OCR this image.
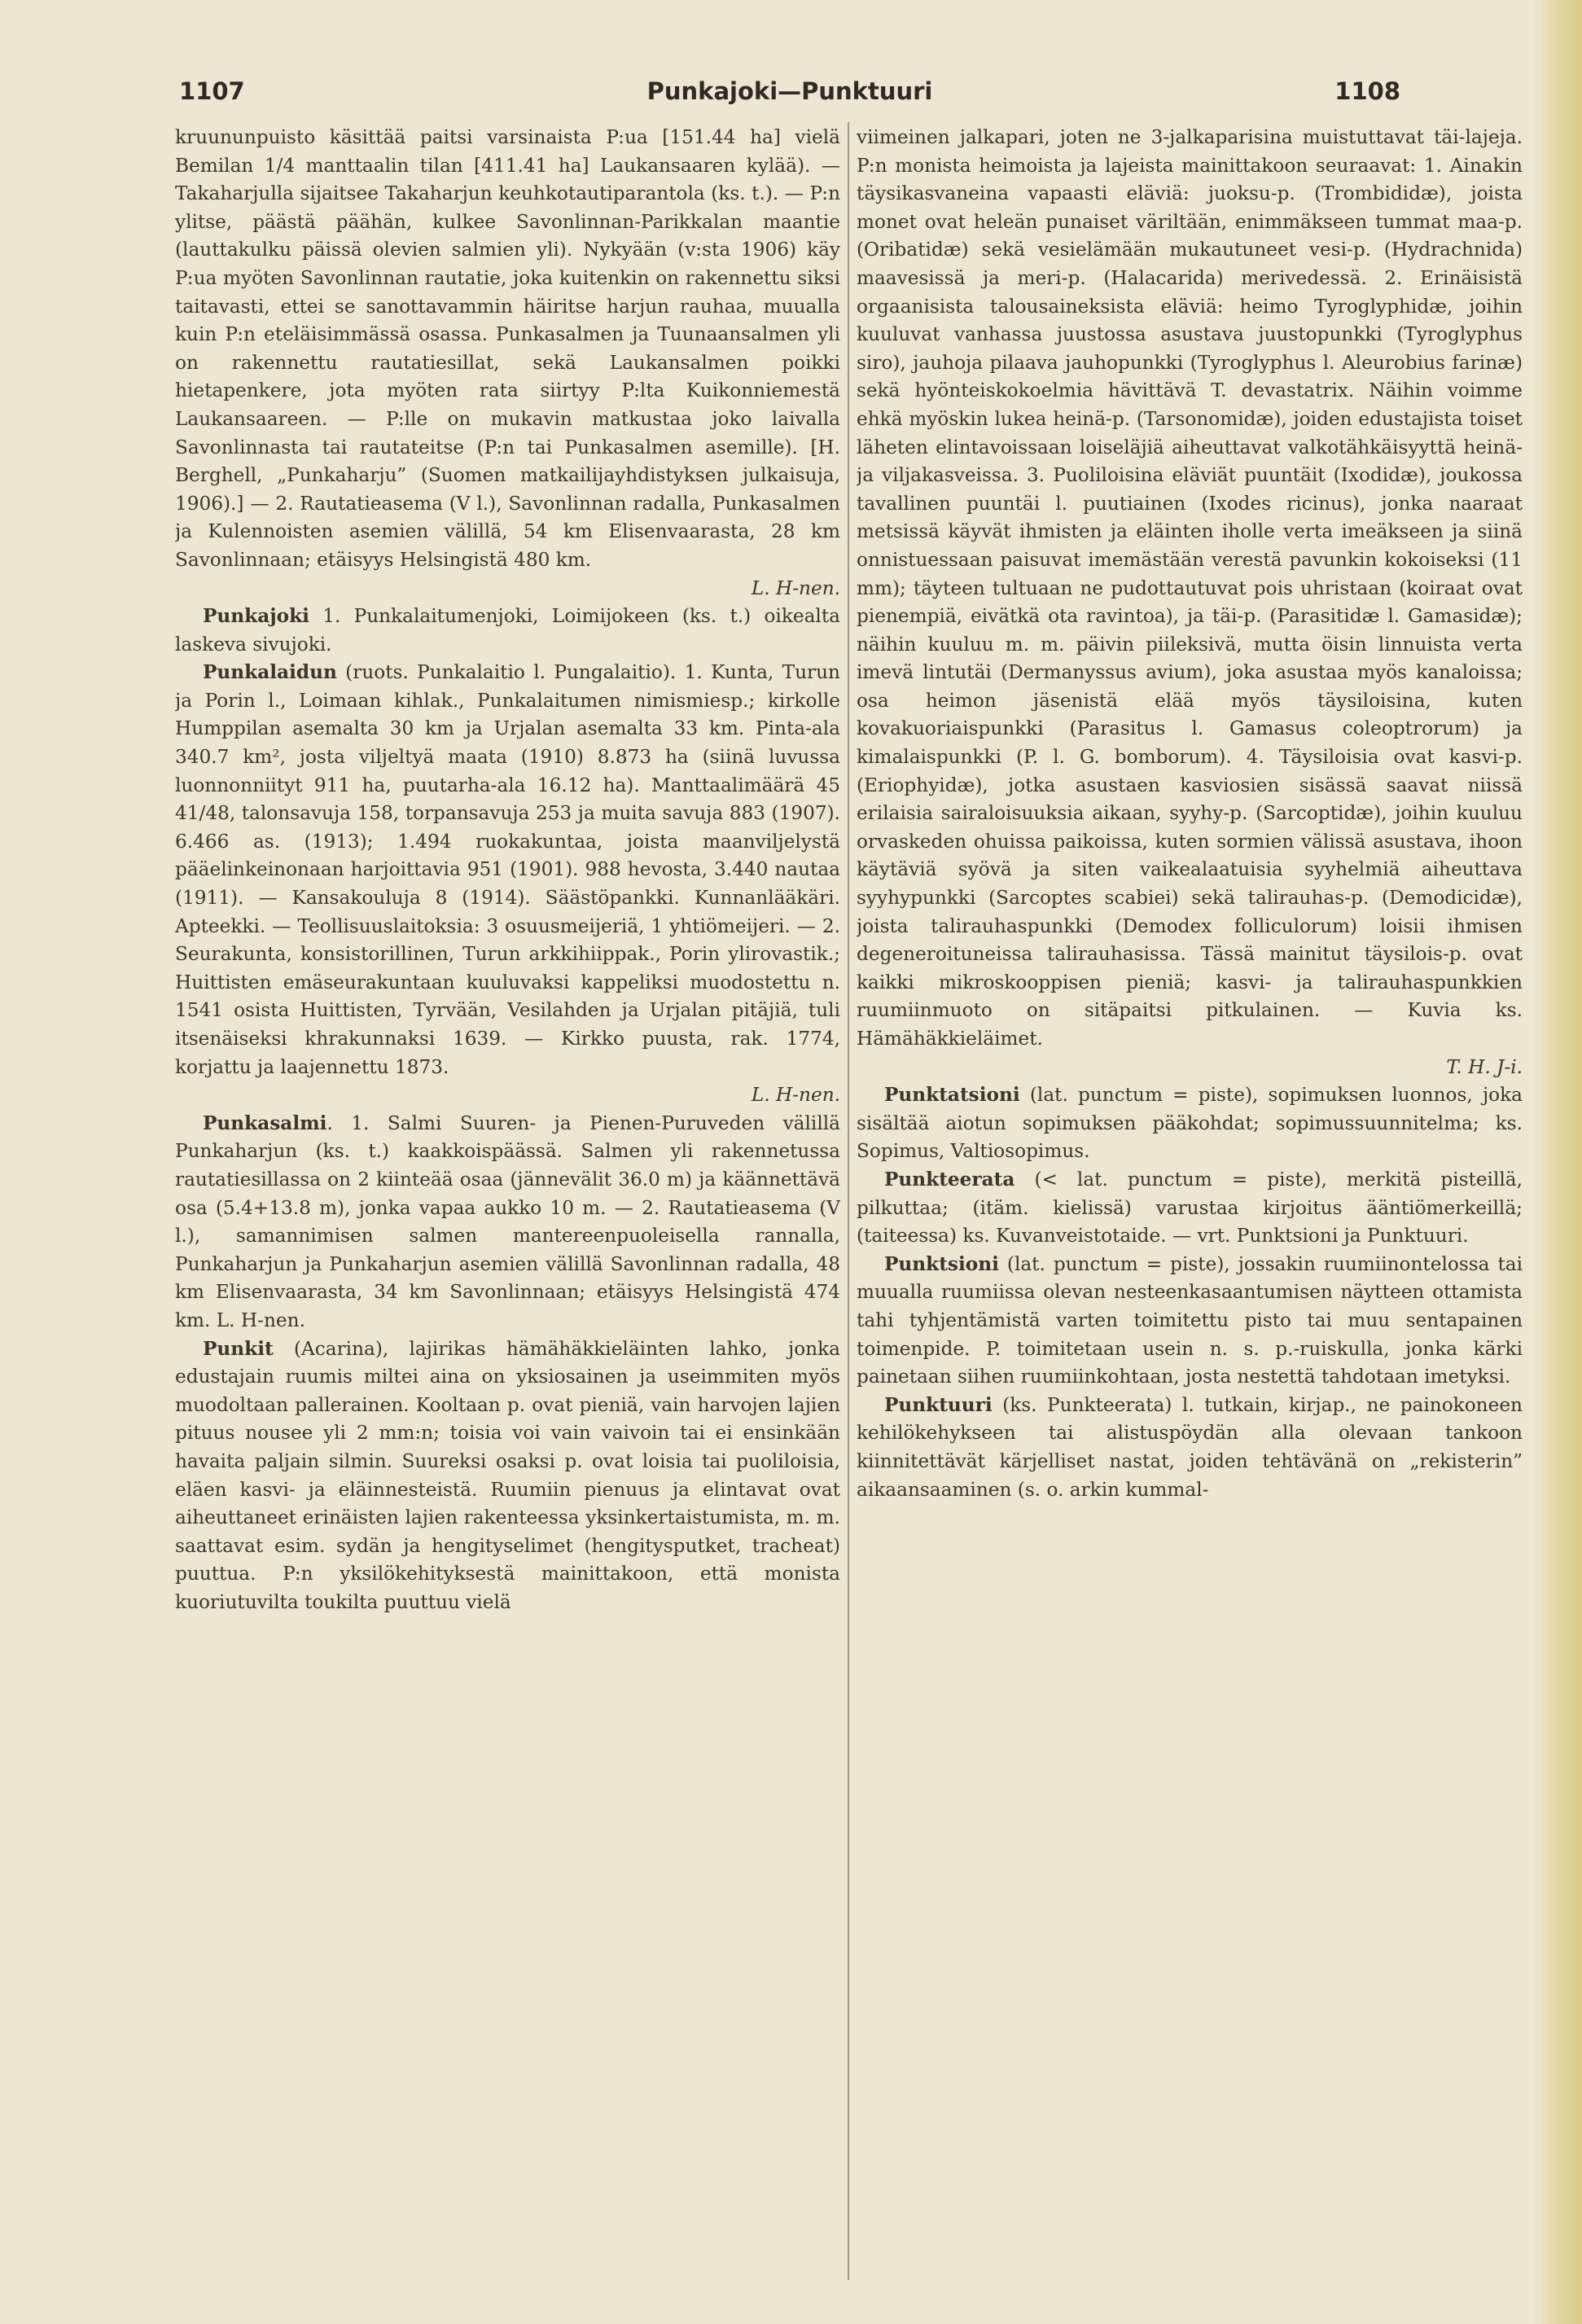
1107	Punkajoki—Punktuuri	1108

kruununpuisto käsittää paitsi varsinaista P:ua [151.44 ha] vielä Bemilan 1/4 manttaalin tilan [411.41 ha] Laukansaaren kylää). — Takaharjulla sijaitsee Takaharjun keuhkotautiparantola (ks. t.). — P:n ylitse, päästä päähän, kulkee Savonlinnan-Parikkalan maantie (lauttakulku päissä olevien salmien yli). Nykyään (v:sta 1906) käy P:ua myöten Savonlinnan rautatie, joka kuitenkin on rakennettu siksi taitavasti, ettei se sanottavammin häiritse harjun rauhaa, muualla kuin P:n eteläisimmässä osassa. Punkasalmen ja Tuunaansalmen yli on rakennettu rautatiesillat, sekä Laukansalmen poikki hietapenkere, jota myöten rata siirtyy P:lta Kuikonniemestä Laukansaareen. — P:lle on mukavin matkustaa joko laivalla Savonlinnasta tai rautateitse (P:n tai Punkasalmen asemille). [H. Berghell, „Punkaharju” (Suomen matkailijayhdistyksen julkaisuja, 1906).] — 2. Rautatieasema (V l.), Savonlinnan radalla, Punkasalmen ja Kulennoisten asemien välillä, 54 km Elisenvaarasta, 28 km Savonlinnaan; etäisyys Helsingistä 480 km.

L. H-nen.

Punkajoki 1. Punkalaitumenjoki, Loimijokeen (ks. t.) oikealta laskeva sivujoki.

Punkalaidun (ruots. Punkalaitio l. Pungalaitio). 1. Kunta, Turun ja Porin l., Loimaan kihlak., Punkalaitumen nimismiesp.; kirkolle Humppilan asemalta 30 km ja Urjalan asemalta 33 km. Pinta-ala 340.7 km², josta viljeltyä maata (1910) 8.873 ha (siinä luvussa luonnonniityt 911 ha, puutarha-ala 16.12 ha). Manttaalimäärä 45 41/48, talonsavuja 158, torpansavuja 253 ja muita savuja 883 (1907). 6.466 as. (1913); 1.494 ruokakuntaa, joista maanviljelystä pääelinkeinonaan harjoittavia 951 (1901). 988 hevosta, 3.440 nautaa (1911). — Kansakouluja 8 (1914). Säästöpankki. Kunnanlääkäri. Apteekki. — Teollisuuslaitoksia: 3 osuusmeijeriä, 1 yhtiömeijeri. — 2. Seurakunta, konsistorillinen, Turun arkkihiippak., Porin ylirovastik.; Huittisten emäseurakuntaan kuuluvaksi kappeliksi muodostettu n. 1541 osista Huittisten, Tyrvään, Vesilahden ja Urjalan pitäjiä, tuli itsenäiseksi khrakunnaksi 1639. — Kirkko puusta, rak. 1774, korjattu ja laajennettu 1873.

L. H-nen.

Punkasalmi. 1. Salmi Suuren- ja Pienen-Puruveden välillä Punkaharjun (ks. t.) kaakkoispäässä. Salmen yli rakennetussa rautatiesillassa on 2 kiinteää osaa (jännevälit 36.0 m) ja käännettävä osa (5.4+13.8 m), jonka vapaa aukko 10 m. — 2. Rautatieasema (V l.), samannimisen salmen mantereenpuoleisella rannalla, Punkaharjun ja Punkaharjun asemien välillä Savonlinnan radalla, 48 km Elisenvaarasta, 34 km Savonlinnaan; etäisyys Helsingistä 474 km. L. H-nen.

Punkit (Acarina), lajirikas hämähäkkieläinten lahko, jonka edustajain ruumis miltei aina on yksiosainen ja useimmiten myös muodoltaan pallerainen. Kooltaan p. ovat pieniä, vain harvojen lajien pituus nousee yli 2 mm:n; toisia voi vain vaivoin tai ei ensinkään havaita paljain silmin. Suureksi osaksi p. ovat loisia tai puoliloisia, eläen kasvi- ja eläinnesteistä. Ruumiin pienuus ja elintavat ovat aiheuttaneet erinäisten lajien rakenteessa yksinkertaistumista, m. m. saattavat esim. sydän ja hengityselimet (hengitysputket, tracheat) puuttua. P:n yksilökehityksestä mainittakoon, että monista kuoriutuvilta toukilta puuttuu vielä

viimeinen jalkapari, joten ne 3-jalkaparisina muistuttavat täi-lajeja. P:n monista heimoista ja lajeista mainittakoon seuraavat: 1. Ainakin täysikasvaneina vapaasti eläviä: juoksu-p. (Trombididæ), joista monet ovat heleän punaiset väriltään, enimmäkseen tummat maa-p. (Oribatidæ) sekä vesielämään mukautuneet vesi-p. (Hydrachnida) maavesissä ja meri-p. (Halacarida) merivedessä. 2. Erinäisistä orgaanisista talousaineksista eläviä: heimo Tyroglyphidæ, joihin kuuluvat vanhassa juustossa asustava juustopunkki (Tyroglyphus siro), jauhoja pilaava jauhopunkki (Tyroglyphus l. Aleurobius farinæ) sekä hyönteiskokoelmia hävittävä T. devastatrix. Näihin voimme ehkä myöskin lukea heinä-p. (Tarsonomidæ), joiden edustajista toiset läheten elintavoissaan loiseläjiä aiheuttavat valkotähkäisyyttä heinä- ja viljakasveissa. 3. Puoliloisina eläviät puuntäit (Ixodidæ), joukossa tavallinen puuntäi l. puutiainen (Ixodes ricinus), jonka naaraat metsissä käyvät ihmisten ja eläinten iholle verta imeäkseen ja siinä onnistuessaan paisuvat imemästään verestä pavunkin kokoiseksi (11 mm); täyteen tultuaan ne pudottautuvat pois uhristaan (koiraat ovat pienempiä, eivätkä ota ravintoa), ja täi-p. (Parasitidæ l. Gamasidæ); näihin kuuluu m. m. päivin piileksivä, mutta öisin linnuista verta imevä lintutäi (Dermanyssus avium), joka asustaa myös kanaloissa; osa heimon jäsenistä elää myös täysiloisina, kuten kovakuoriaispunkki (Parasitus l. Gamasus coleoptrorum) ja kimalaispunkki (P. l. G. bomborum). 4. Täysiloisia ovat kasvi-p. (Eriophyidæ), jotka asustaen kasviosien sisässä saavat niissä erilaisia sairaloisuuksia aikaan, syyhy-p. (Sarcoptidæ), joihin kuuluu orvaskeden ohuissa paikoissa, kuten sormien välissä asustava, ihoon käytäviä syövä ja siten vaikealaatuisia syyhelmiä aiheuttava syyhypunkki (Sarcoptes scabiei) sekä talirauhas-p. (Demodicidæ), joista talirauhaspunkki (Demodex folliculorum) loisii ihmisen degeneroituneissa talirauhasissa. Tässä mainitut täysilois-p. ovat kaikki mikroskooppisen pieniä; kasvi- ja talirauhaspunkkien ruumiinmuoto on sitäpaitsi pitkulainen. — Kuvia ks. Hämähäkkieläimet.

T. H. J-i.

Punktatsioni (lat. punctum = piste), sopimuksen luonnos, joka sisältää aiotun sopimuksen pääkohdat; sopimussuunnitelma; ks. Sopimus, Valtiosopimus.

Punkteerata (< lat. punctum = piste), merkitä pisteillä, pilkuttaa; (itäm. kielissä) varustaa kirjoitus ääntiömerkeillä; (taiteessa) ks. Kuvanveistotaide. — vrt. Punktsioni ja Punktuuri.

Punktsioni (lat. punctum = piste), jossakin ruumiinontelossa tai muualla ruumiissa olevan nesteenkasaantumisen näytteen ottamista tahi tyhjentämistä varten toimitettu pisto tai muu sentapainen toimenpide. P. toimitetaan usein n. s. p.-ruiskulla, jonka kärki painetaan siihen ruumiinkohtaan, josta nestettä tahdotaan imetyksi.

Punktuuri (ks. Punkteerata) l. tutkain, kirjap., ne painokoneen kehilökehykseen tai alistuspöydän alla olevaan tankoon kiinnitettävät kärjelliset nastat, joiden tehtävänä on „rekisterin” aikaansaaminen (s. o. arkin kummal-
